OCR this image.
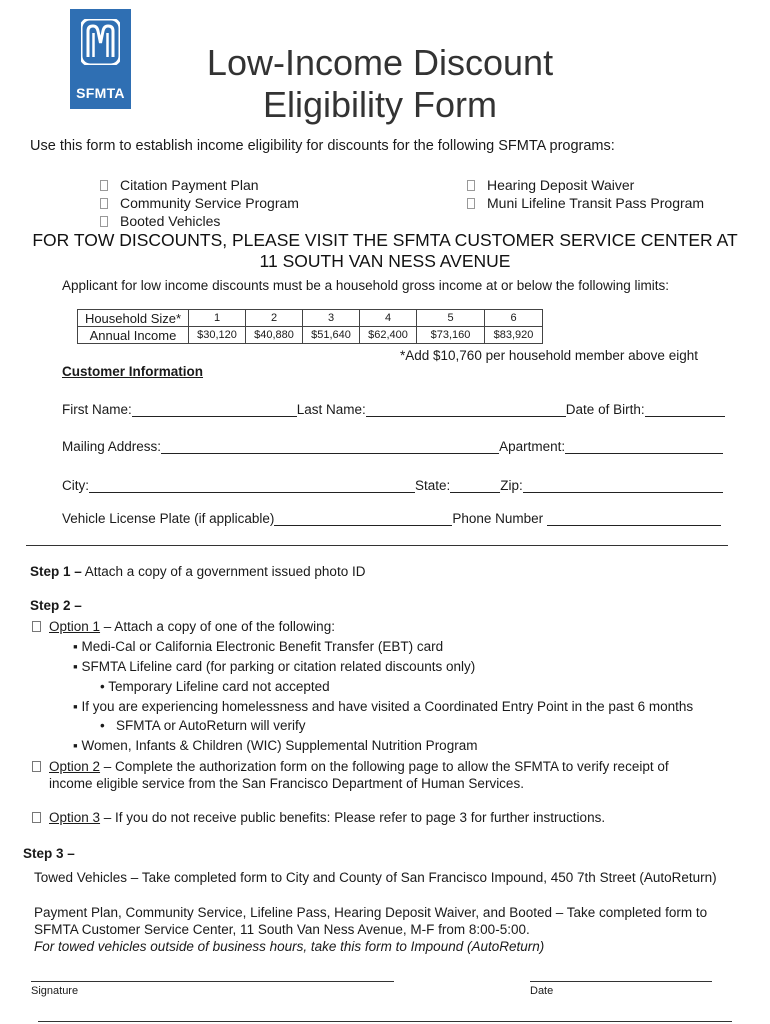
SFMTA
Low-Income Discount
Eligibility Form
Use this form to establish income eligibility for discounts for the following SFMTA programs:
Citation Payment Plan
Community Service Program
Booted Vehicles
Hearing Deposit Waiver
Muni Lifeline Transit Pass Program
FOR TOW DISCOUNTS, PLEASE VISIT THE SFMTA CUSTOMER SERVICE CENTER AT
11 SOUTH VAN NESS AVENUE
Applicant for low income discounts must be a household gross income at or below the following limits:
Household Size*	1	2	3	4	5	6
Annual Income	$30,120	$40,880	$51,640	$62,400	$73,160	$83,920
*Add $10,760 per household member above eight
Customer Information
First Name:	Last Name:	Date of Birth:
Mailing Address:	Apartment:
City:	State:	Zip:
Vehicle License Plate (if applicable)	Phone Number
Step 1 – Attach a copy of a government issued photo ID
Step 2 –
Option 1 – Attach a copy of one of the following:
▪ Medi-Cal or California Electronic Benefit Transfer (EBT) card
▪ SFMTA Lifeline card (for parking or citation related discounts only)
• Temporary Lifeline card not accepted
▪ If you are experiencing homelessness and have visited a Coordinated Entry Point in the past 6 months
•   SFMTA or AutoReturn will verify
▪ Women, Infants & Children (WIC) Supplemental Nutrition Program
Option 2 – Complete the authorization form on the following page to allow the SFMTA to verify receipt of
income eligible service from the San Francisco Department of Human Services.
Option 3 – If you do not receive public benefits: Please refer to page 3 for further instructions.
Step 3 –
Towed Vehicles – Take completed form to City and County of San Francisco Impound, 450 7th Street (AutoReturn)
Payment Plan, Community Service, Lifeline Pass, Hearing Deposit Waiver, and Booted – Take completed form to
SFMTA Customer Service Center, 11 South Van Ness Avenue, M-F from 8:00-5:00.
For towed vehicles outside of business hours, take this form to Impound (AutoReturn)
Signature	Date
